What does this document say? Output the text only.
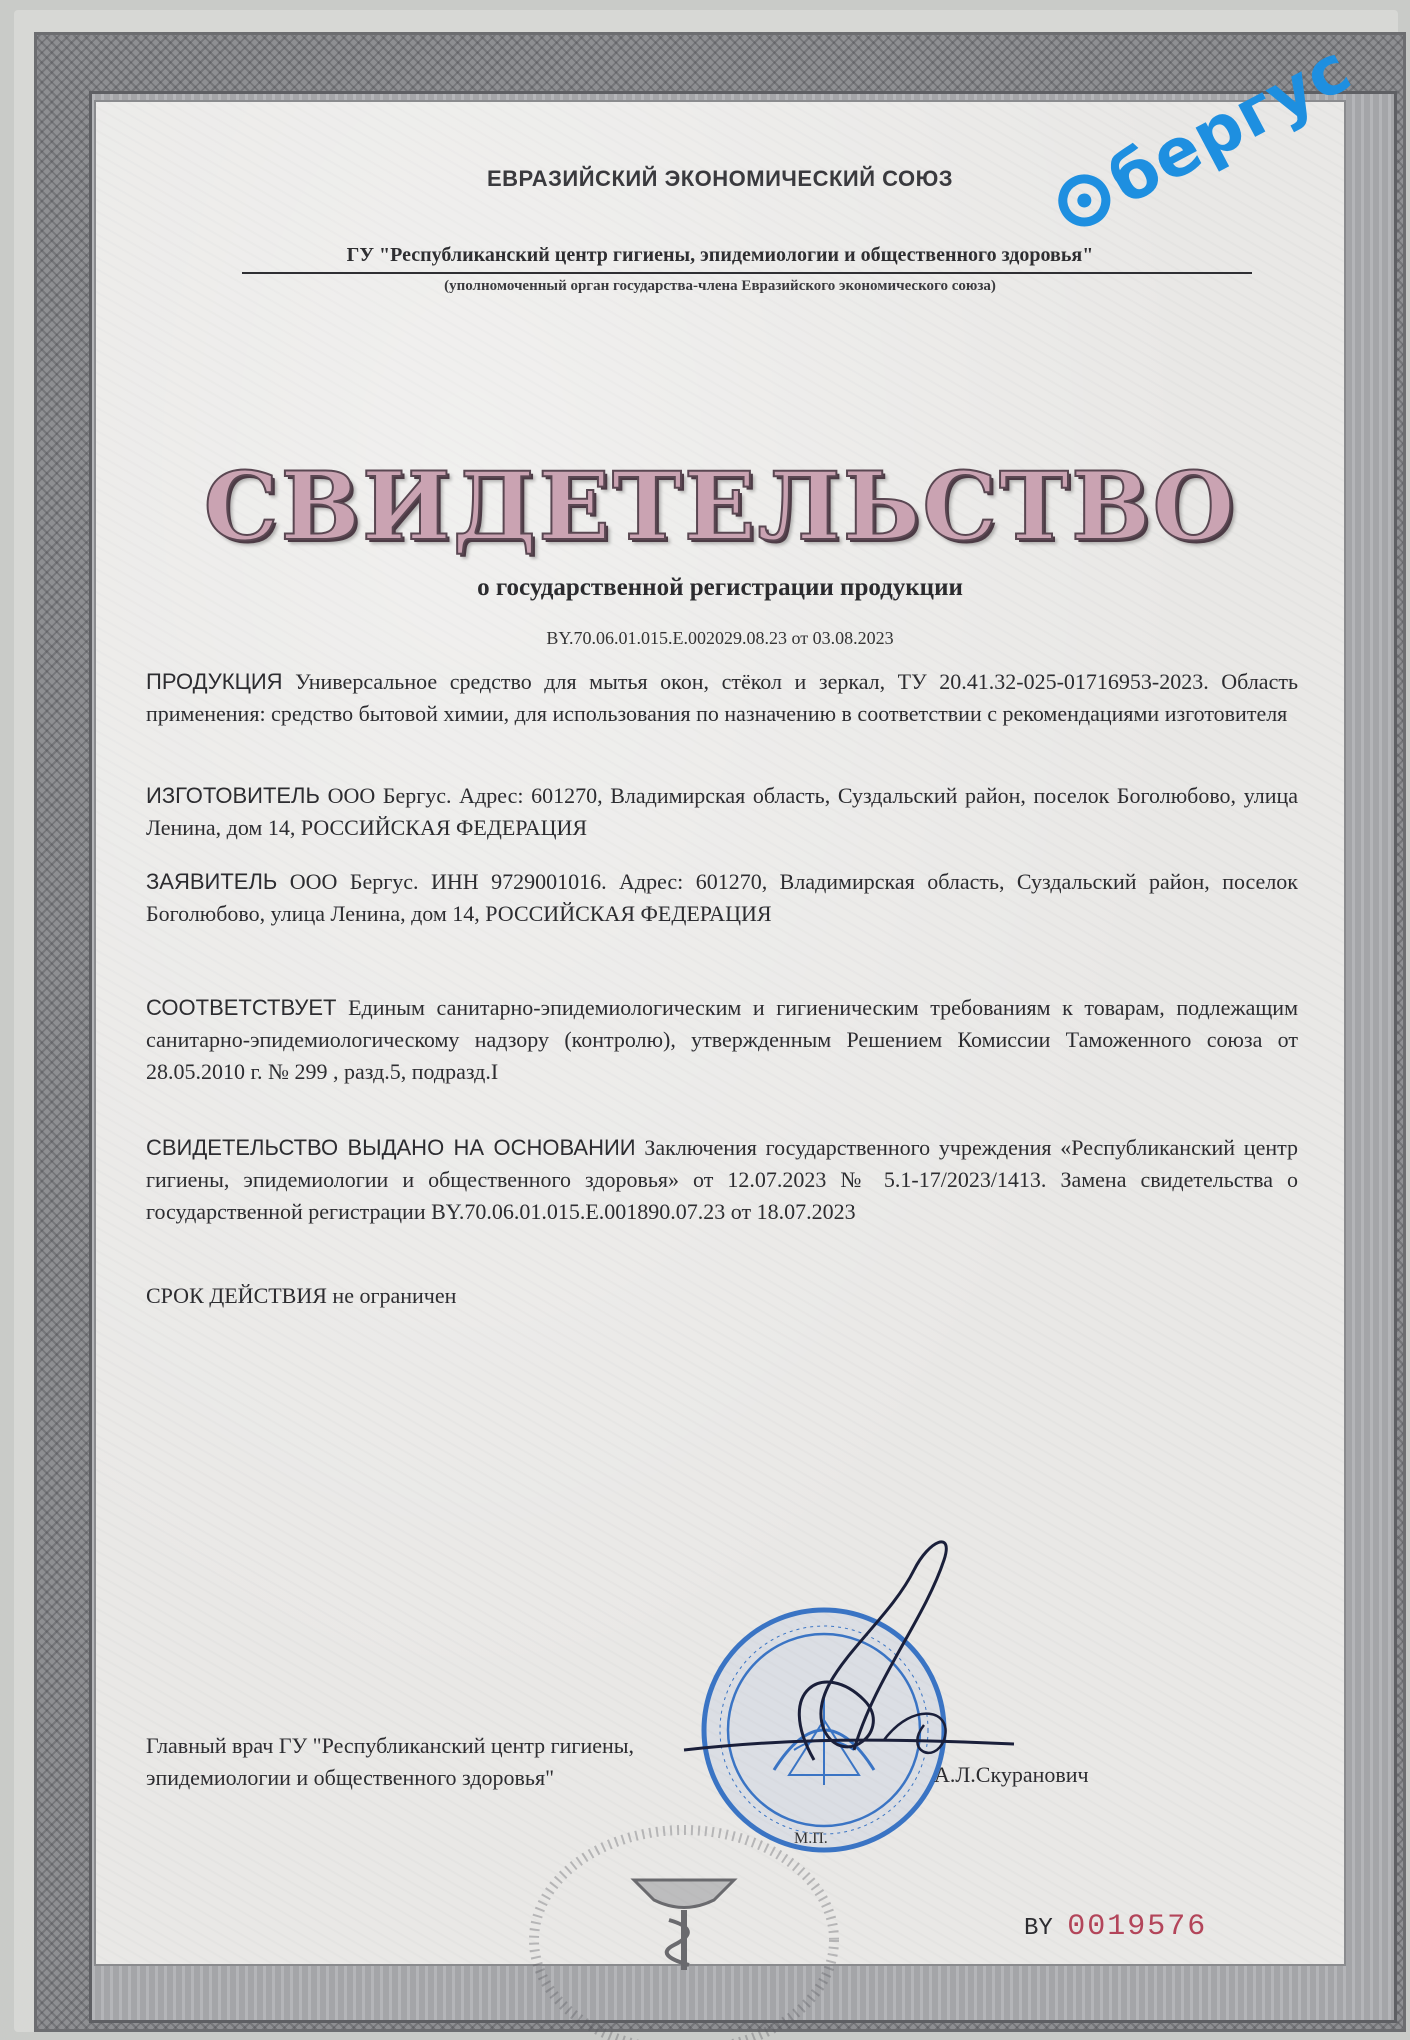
ЕВРАЗИЙСКИЙ ЭКОНОМИЧЕСКИЙ СОЮЗ
ГУ "Республиканский центр гигиены, эпидемиологии и общественного здоровья"
(уполномоченный орган государства-члена Евразийского экономического союза)
бергус
СВИДЕТЕЛЬСТВО
о государственной регистрации продукции
BY.70.06.01.015.E.002029.08.23 от 03.08.2023
ПРОДУКЦИЯ Универсальное средство для мытья окон, стёкол и зеркал, ТУ 20.41.32-025-01716953-2023. Область применения: средство бытовой химии, для использования по назначению в соответствии с рекомендациями изготовителя
ИЗГОТОВИТЕЛЬ ООО Бергус. Адрес: 601270, Владимирская область, Суздальский район, поселок Боголюбово, улица Ленина, дом 14, РОССИЙСКАЯ ФЕДЕРАЦИЯ
ЗАЯВИТЕЛЬ ООО Бергус. ИНН 9729001016. Адрес: 601270, Владимирская область, Суздальский район, поселок Боголюбово, улица Ленина, дом 14, РОССИЙСКАЯ ФЕДЕРАЦИЯ
СООТВЕТСТВУЕТ Единым санитарно-эпидемиологическим и гигиеническим требованиям к товарам, подлежащим санитарно-эпидемиологическому надзору (контролю), утвержденным Решением Комиссии Таможенного союза от 28.05.2010 г. № 299 , разд.5, подразд.I
СВИДЕТЕЛЬСТВО ВЫДАНО НА ОСНОВАНИИ Заключения государственного учреждения «Республиканский центр гигиены, эпидемиологии и общественного здоровья» от 12.07.2023 № 5.1-17/2023/1413. Замена свидетельства о государственной регистрации BY.70.06.01.015.E.001890.07.23 от 18.07.2023
СРОК ДЕЙСТВИЯ не ограничен
Главный врач ГУ "Республиканский центр гигиены, эпидемиологии и общественного здоровья"	А.Л.Скуранович
М.П.
BY 0019576
